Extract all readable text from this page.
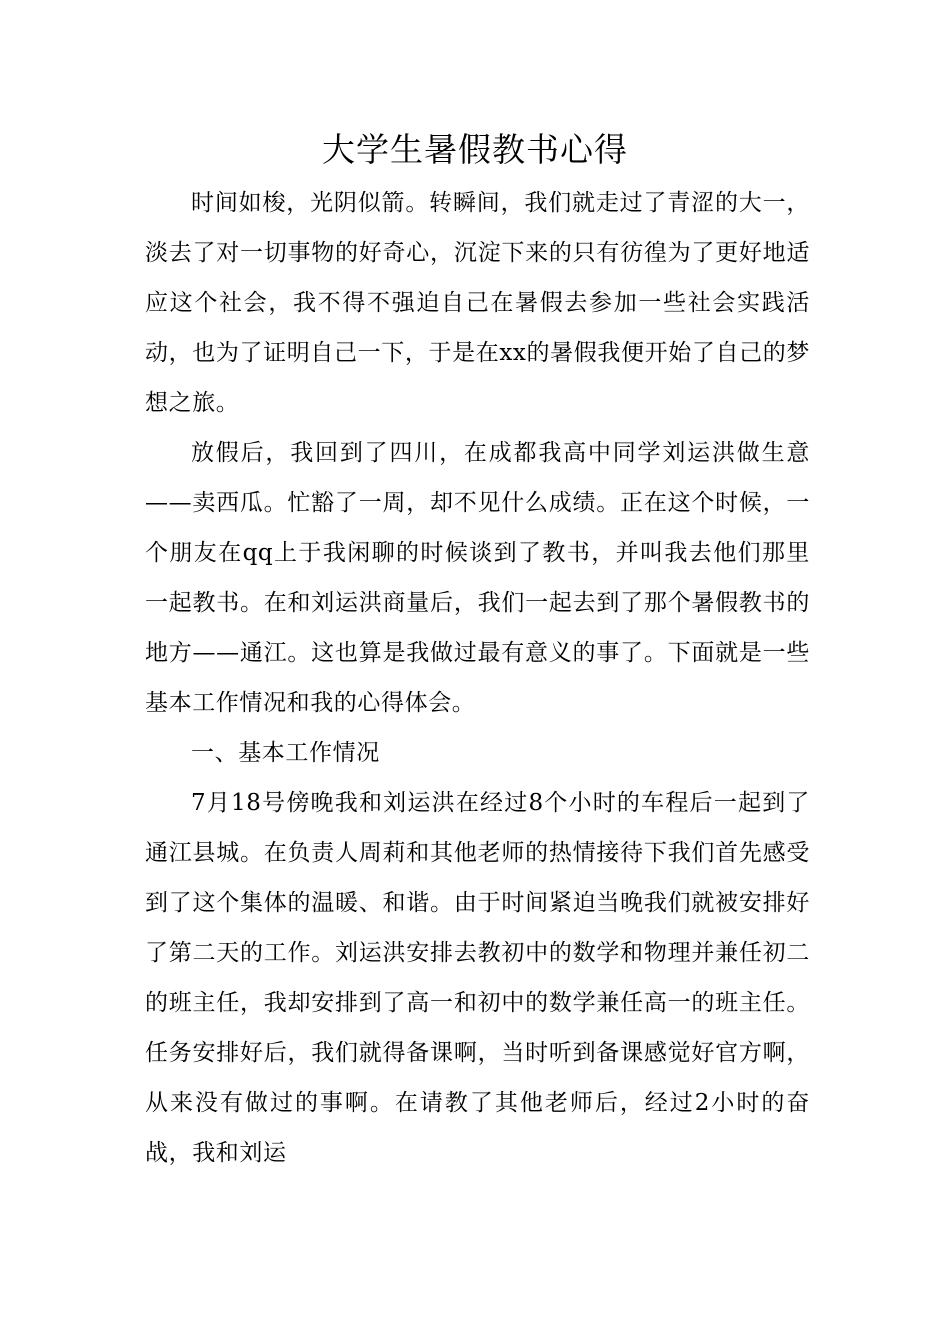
大学生暑假教书心得

时间如梭，光阴似箭。转瞬间，我们就走过了青涩的大一，淡去了对一切事物的好奇心，沉淀下来的只有彷徨为了更好地适应这个社会，我不得不强迫自己在暑假去参加一些社会实践活动，也为了证明自己一下，于是在xx的暑假我便开始了自己的梦想之旅。

放假后，我回到了四川，在成都我高中同学刘运洪做生意——卖西瓜。忙豁了一周，却不见什么成绩。正在这个时候，一个朋友在qq上于我闲聊的时候谈到了教书，并叫我去他们那里一起教书。在和刘运洪商量后，我们一起去到了那个暑假教书的地方——通江。这也算是我做过最有意义的事了。下面就是一些基本工作情况和我的心得体会。

一、基本工作情况

7月18号傍晚我和刘运洪在经过8个小时的车程后一起到了通江县城。在负责人周莉和其他老师的热情接待下我们首先感受到了这个集体的温暖、和谐。由于时间紧迫当晚我们就被安排好了第二天的工作。刘运洪安排去教初中的数学和物理并兼任初二的班主任，我却安排到了高一和初中的数学兼任高一的班主任。任务安排好后，我们就得备课啊，当时听到备课感觉好官方啊，从来没有做过的事啊。在请教了其他老师后，经过2小时的奋战，我和刘运
